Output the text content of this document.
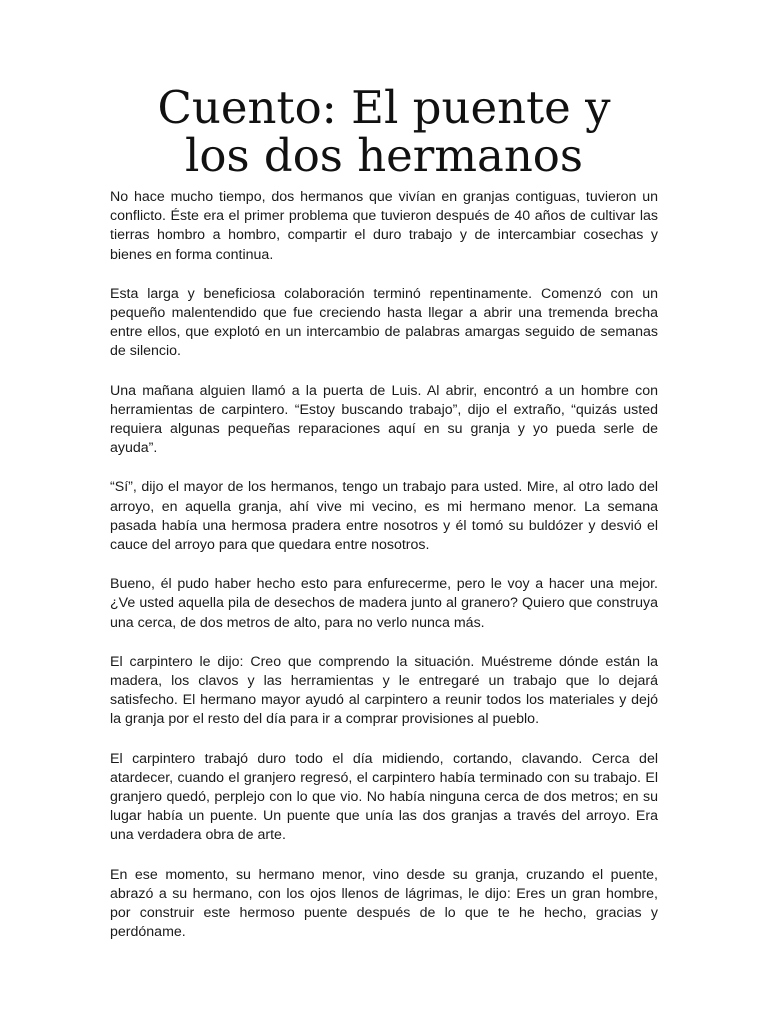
Cuento: El puente y
los dos hermanos

No hace mucho tiempo, dos hermanos que vivían en granjas contiguas, tuvieron un conflicto. Éste era el primer problema que tuvieron después de 40 años de cultivar las tierras hombro a hombro, compartir el duro trabajo y de intercambiar cosechas y bienes en forma continua.

Esta larga y beneficiosa colaboración terminó repentinamente. Comenzó con un pequeño malentendido que fue creciendo hasta llegar a abrir una tremenda brecha entre ellos, que explotó en un intercambio de palabras amargas seguido de semanas de silencio.

Una mañana alguien llamó a la puerta de Luis. Al abrir, encontró a un hombre con herramientas de carpintero. “Estoy buscando trabajo”, dijo el extraño, “quizás usted requiera algunas pequeñas reparaciones aquí en su granja y yo pueda serle de ayuda”.

“Sí”, dijo el mayor de los hermanos, tengo un trabajo para usted. Mire, al otro lado del arroyo, en aquella granja, ahí vive mi vecino, es mi hermano menor. La semana pasada había una hermosa pradera entre nosotros y él tomó su buldózer y desvió el cauce del arroyo para que quedara entre nosotros.

Bueno, él pudo haber hecho esto para enfurecerme, pero le voy a hacer una mejor. ¿Ve usted aquella pila de desechos de madera junto al granero? Quiero que construya una cerca, de dos metros de alto, para no verlo nunca más.

El carpintero le dijo: Creo que comprendo la situación. Muéstreme dónde están la madera, los clavos y las herramientas y le entregaré un trabajo que lo dejará satisfecho. El hermano mayor ayudó al carpintero a reunir todos los materiales y dejó la granja por el resto del día para ir a comprar provisiones al pueblo.

El carpintero trabajó duro todo el día midiendo, cortando, clavando. Cerca del atardecer, cuando el granjero regresó, el carpintero había terminado con su trabajo. El granjero quedó, perplejo con lo que vio. No había ninguna cerca de dos metros; en su lugar había un puente. Un puente que unía las dos granjas a través del arroyo. Era una verdadera obra de arte.

En ese momento, su hermano menor, vino desde su granja, cruzando el puente, abrazó a su hermano, con los ojos llenos de lágrimas, le dijo: Eres un gran hombre, por construir este hermoso puente después de lo que te he hecho, gracias y perdóname.
